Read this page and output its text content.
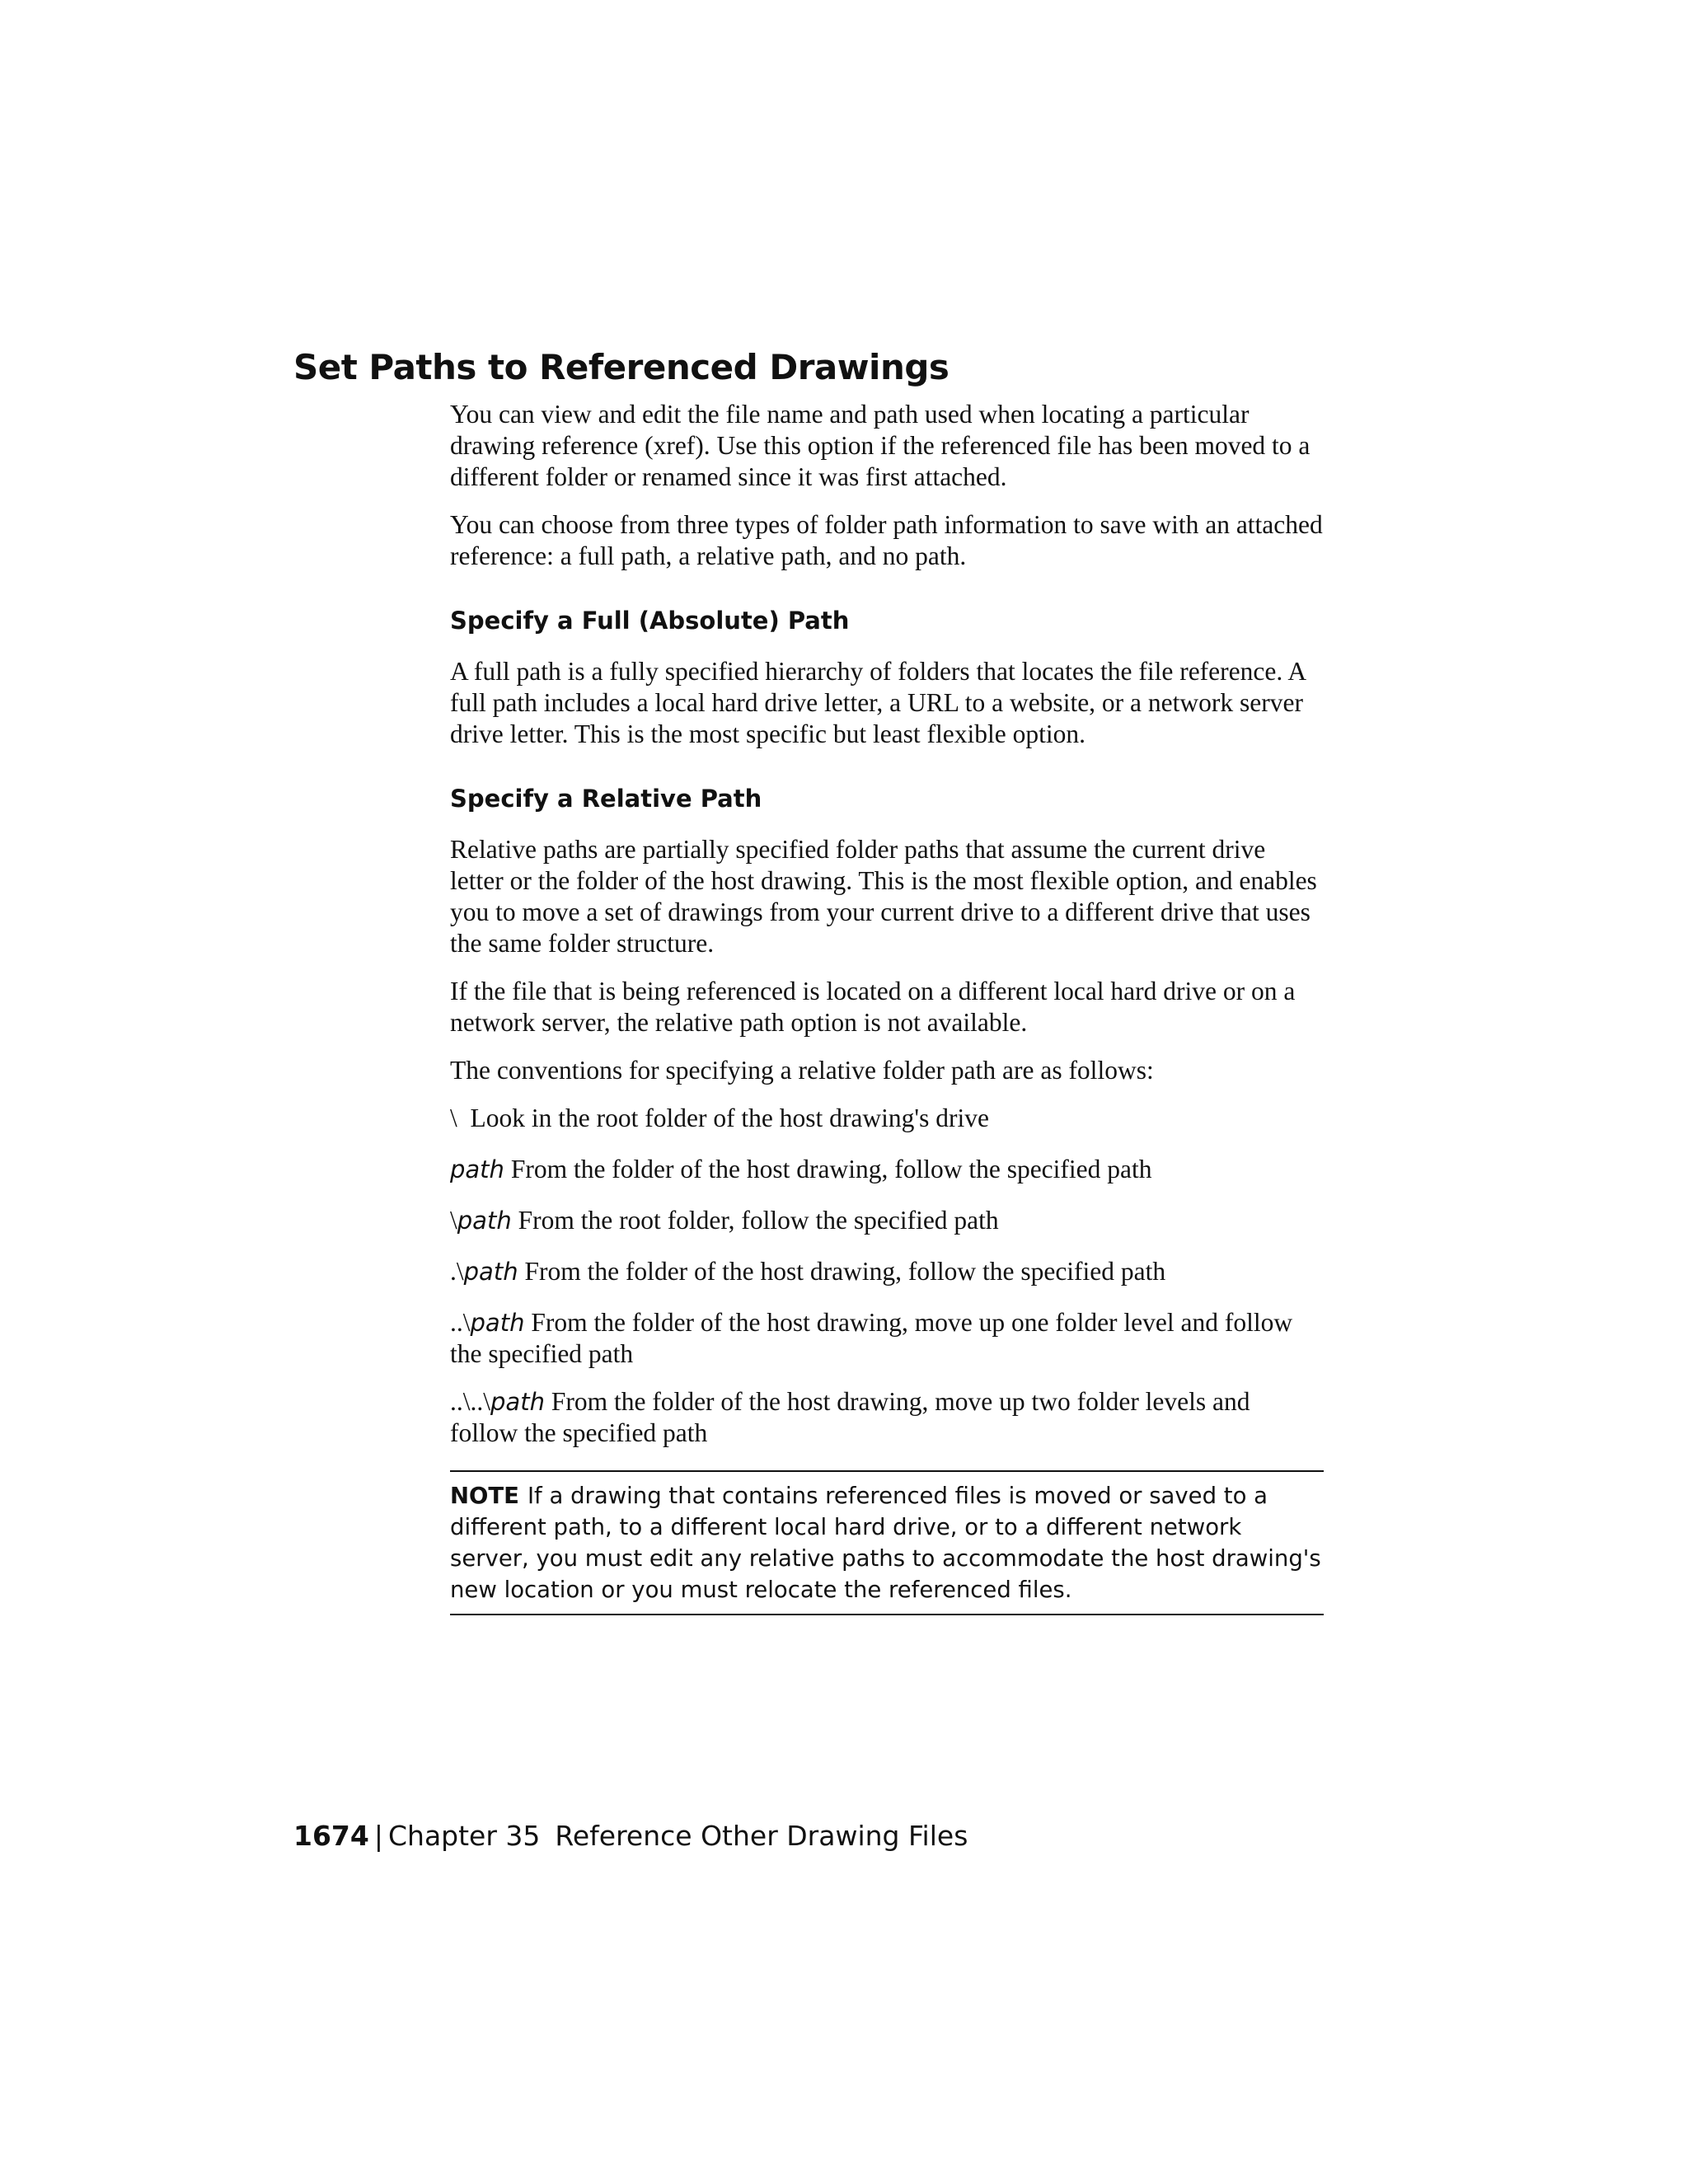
Set Paths to Referenced Drawings

You can view and edit the file name and path used when locating a particular drawing reference (xref). Use this option if the referenced file has been moved to a different folder or renamed since it was first attached.

You can choose from three types of folder path information to save with an attached reference: a full path, a relative path, and no path.

Specify a Full (Absolute) Path

A full path is a fully specified hierarchy of folders that locates the file reference. A full path includes a local hard drive letter, a URL to a website, or a network server drive letter. This is the most specific but least flexible option.

Specify a Relative Path

Relative paths are partially specified folder paths that assume the current drive letter or the folder of the host drawing. This is the most flexible option, and enables you to move a set of drawings from your current drive to a different drive that uses the same folder structure.

If the file that is being referenced is located on a different local hard drive or on a network server, the relative path option is not available.

The conventions for specifying a relative folder path are as follows:

\ Look in the root folder of the host drawing's drive

path From the folder of the host drawing, follow the specified path

\path From the root folder, follow the specified path

.\path From the folder of the host drawing, follow the specified path

..\path From the folder of the host drawing, move up one folder level and follow the specified path

..\..\path From the folder of the host drawing, move up two folder levels and follow the specified path

NOTE If a drawing that contains referenced files is moved or saved to a different path, to a different local hard drive, or to a different network server, you must edit any relative paths to accommodate the host drawing's new location or you must relocate the referenced files.
1674 | Chapter 35 Reference Other Drawing Files
